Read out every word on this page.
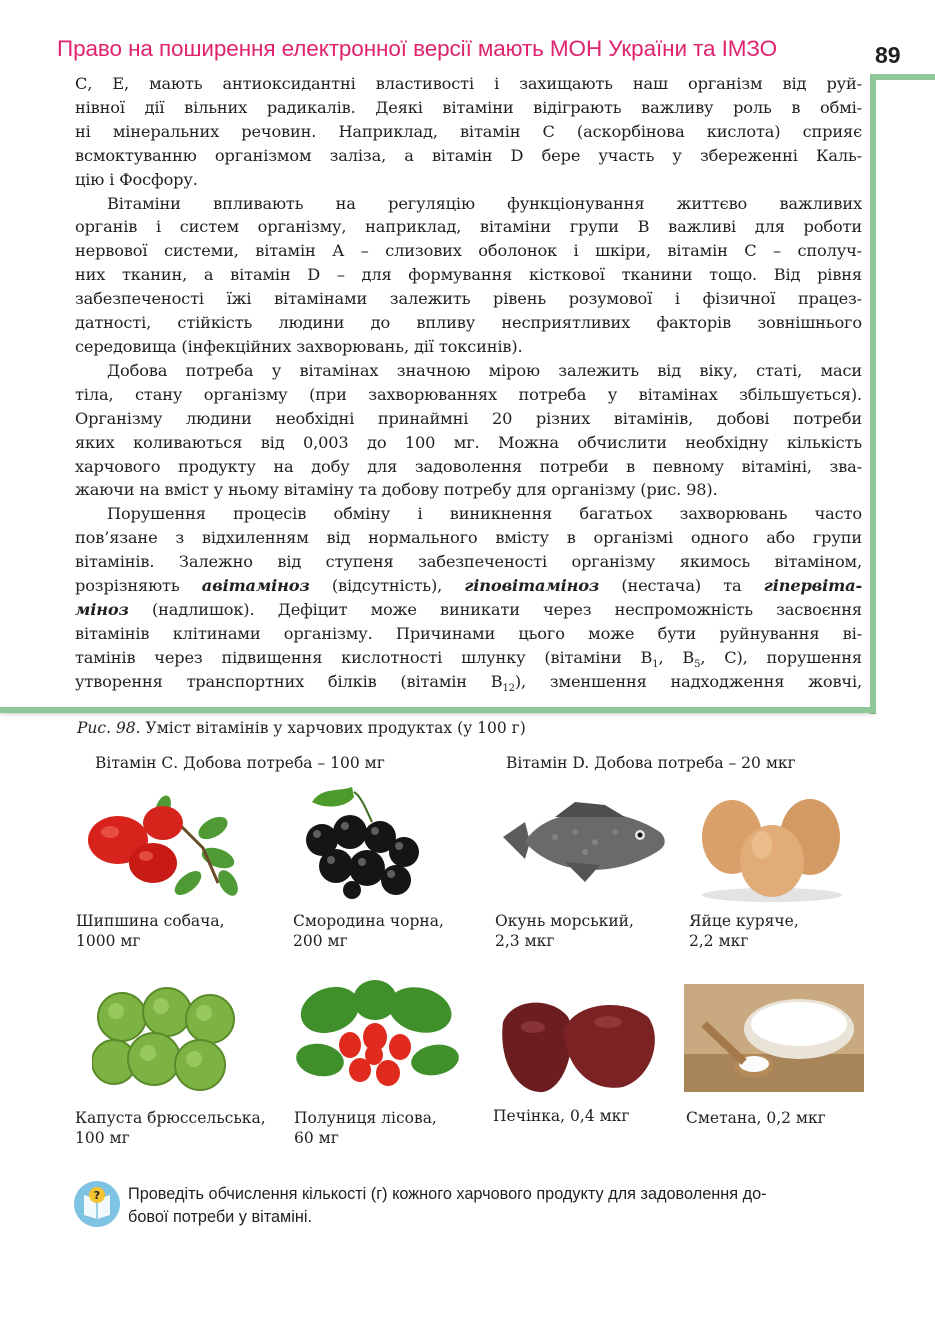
Право на поширення електронної версії мають МОН України та ІМЗО	89

С, Е, мають антиоксидантні властивості і захищають наш організм від руй-
нівної дії вільних радикалів. Деякі вітаміни відіграють важливу роль в обмі-
ні мінеральних речовин. Наприклад, вітамін С (аскорбінова кислота) сприяє
всмоктуванню організмом заліза, а вітамін D бере участь у збереженні Каль-
цію і Фосфору.

Вітаміни впливають на регуляцію функціонування життєво важливих
органів і систем організму, наприклад, вітаміни групи В важливі для роботи
нервової системи, вітамін А – слизових оболонок і шкіри, вітамін С – сполуч-
них тканин, а вітамін D – для формування кісткової тканини тощо. Від рівня
забезпеченості їжі вітамінами залежить рівень розумової і фізичної працез-
датності, стійкість людини до впливу несприятливих факторів зовнішнього
середовища (інфекційних захворювань, дії токсинів).

Добова потреба у вітамінах значною мірою залежить від віку, статі, маси
тіла, стану організму (при захворюваннях потреба у вітамінах збільшується).
Організму людини необхідні принаймні 20 різних вітамінів, добові потреби
яких коливаються від 0,003 до 100 мг. Можна обчислити необхідну кількість
харчового продукту на добу для задоволення потреби в певному вітаміні, зва-
жаючи на вміст у ньому вітаміну та добову потребу для організму (рис. 98).

Порушення процесів обміну і виникнення багатьох захворювань часто
пов’язане з відхиленням від нормального вмісту в організмі одного або групи
вітамінів. Залежно від ступеня забезпеченості організму якимось вітаміном,
розрізняють авітаміноз (відсутність), гіповітаміноз (нестача) та гіпервіта-
міноз (надлишок). Дефіцит може виникати через неспроможність засвоєння
вітамінів клітинами організму. Причинами цього може бути руйнування ві-
тамінів через підвищення кислотності шлунку (вітаміни $В_1$, $В_5$, С), порушення
утворення транспортних білків (вітамін $В_{12}$), зменшення надходження жовчі,

Рис. 98. Уміст вітамінів у харчових продуктах (у 100 г)
Вітамін С. Добова потреба – 100 мг	Вітамін D. Добова потреба – 20 мкг
Шипшина собача,
1000 мг
Смородина чорна,
200 мг
Окунь морський,
2,3 мкг
Яйце куряче,
2,2 мкг
Капуста брюссельська,
100 мг
Полуниця лісова,
60 мг
Печінка, 0,4 мкг	Сметана, 0,2 мкг
? Проведіть обчислення кількості (г) кожного харчового продукту для задоволення до-
бової потреби у вітаміні.
